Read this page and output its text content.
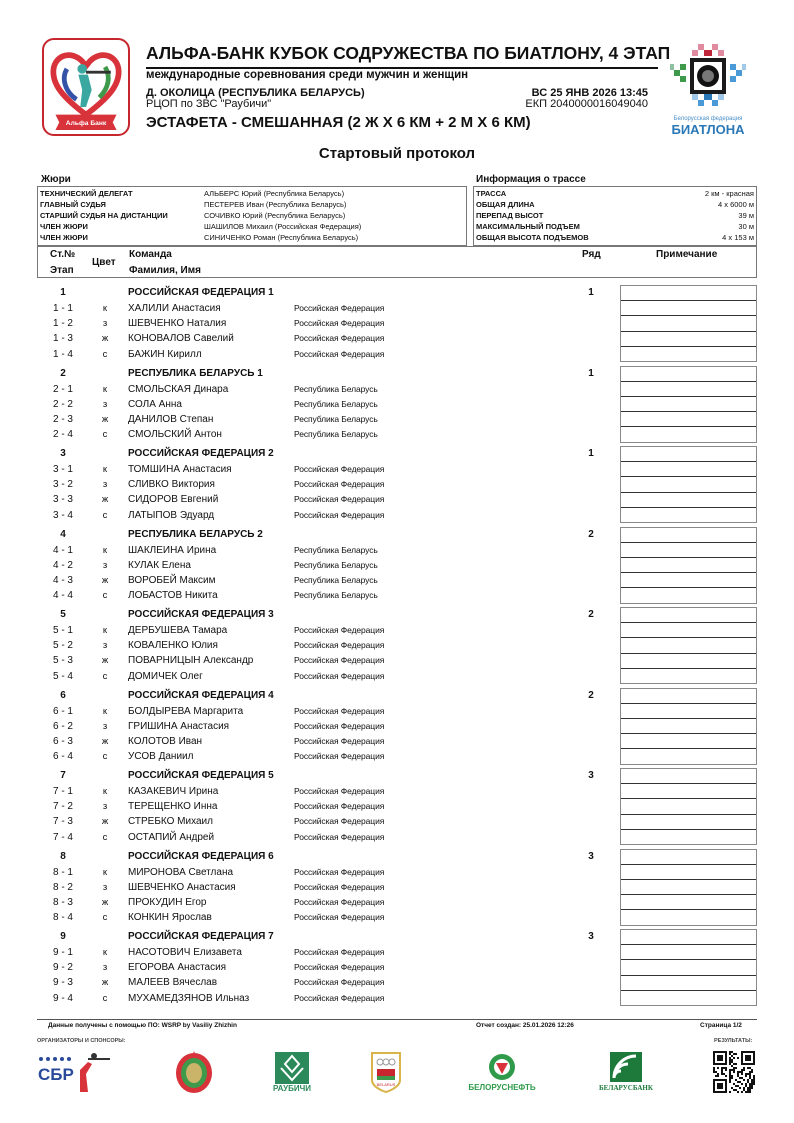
Альфа Банк
АЛЬФА-БАНК КУБОК СОДРУЖЕСТВА ПО БИАТЛОНУ, 4 ЭТАП
международные соревнования среди мужчин и женщин
Д. ОКОЛИЦА (РЕСПУБЛИКА БЕЛАРУСЬ)
РЦОП по ЗВС "Раубичи"
ВС 25 ЯНВ 2026 13:45
ЕКП 2040000016049040
ЭСТАФЕТА - СМЕШАННАЯ (2 Ж X 6 КМ + 2 М X 6 КМ)	Белорусская федерация
БИАТЛОНА
Стартовый протокол
Жюри
ТЕХНИЧЕСКИЙ ДЕЛЕГАТ	АЛЬБЕРС Юрий (Республика Беларусь)
ГЛАВНЫЙ СУДЬЯ	ПЕСТЕРЕВ Иван (Республика Беларусь)
СТАРШИЙ СУДЬЯ НА ДИСТАНЦИИ	СОЧИВКО Юрий (Республика Беларусь)
ЧЛЕН ЖЮРИ	ШАШИЛОВ Михаил (Российская Федерация)
ЧЛЕН ЖЮРИ	СИНИЧЕНКО Роман (Республика Беларусь)
Информация о трассе
ТРАССА	2 км - красная
ОБЩАЯ ДЛИНА	4 x 6000 м
ПЕРЕПАД ВЫСОТ	39 м
МАКСИМАЛЬНЫЙ ПОДЪЕМ	30 м
ОБЩАЯ ВЫСОТА ПОДЪЕМОВ	4 x 153 м
Ст.№
Этап
Цвет
Команда
Фамилия, Имя
Ряд	Примечание
1	РОССИЙСКАЯ ФЕДЕРАЦИЯ 1	1
1 - 1	к	ХАЛИЛИ Анастасия	Российская Федерация
1 - 2	з	ШЕВЧЕНКО Наталия	Российская Федерация
1 - 3	ж	КОНОВАЛОВ Савелий	Российская Федерация
1 - 4	с	БАЖИН Кирилл	Российская Федерация
2	РЕСПУБЛИКА БЕЛАРУСЬ 1	1
2 - 1	к	СМОЛЬСКАЯ Динара	Республика Беларусь
2 - 2	з	СОЛА Анна	Республика Беларусь
2 - 3	ж	ДАНИЛОВ Степан	Республика Беларусь
2 - 4	с	СМОЛЬСКИЙ Антон	Республика Беларусь
3	РОССИЙСКАЯ ФЕДЕРАЦИЯ 2	1
3 - 1	к	ТОМШИНА Анастасия	Российская Федерация
3 - 2	з	СЛИВКО Виктория	Российская Федерация
3 - 3	ж	СИДОРОВ Евгений	Российская Федерация
3 - 4	с	ЛАТЫПОВ Эдуард	Российская Федерация
4	РЕСПУБЛИКА БЕЛАРУСЬ 2	2
4 - 1	к	ШАКЛЕИНА Ирина	Республика Беларусь
4 - 2	з	КУЛАК Елена	Республика Беларусь
4 - 3	ж	ВОРОБЕЙ Максим	Республика Беларусь
4 - 4	с	ЛОБАСТОВ Никита	Республика Беларусь
5	РОССИЙСКАЯ ФЕДЕРАЦИЯ 3	2
5 - 1	к	ДЕРБУШЕВА Тамара	Российская Федерация
5 - 2	з	КОВАЛЕНКО Юлия	Российская Федерация
5 - 3	ж	ПОВАРНИЦЫН Александр	Российская Федерация
5 - 4	с	ДОМИЧЕК Олег	Российская Федерация
6	РОССИЙСКАЯ ФЕДЕРАЦИЯ 4	2
6 - 1	к	БОЛДЫРЕВА Маргарита	Российская Федерация
6 - 2	з	ГРИШИНА Анастасия	Российская Федерация
6 - 3	ж	КОЛОТОВ Иван	Российская Федерация
6 - 4	с	УСОВ Даниил	Российская Федерация
7	РОССИЙСКАЯ ФЕДЕРАЦИЯ 5	3
7 - 1	к	КАЗАКЕВИЧ Ирина	Российская Федерация
7 - 2	з	ТЕРЕЩЕНКО Инна	Российская Федерация
7 - 3	ж	СТРЕБКО Михаил	Российская Федерация
7 - 4	с	ОСТАПИЙ Андрей	Российская Федерация
8	РОССИЙСКАЯ ФЕДЕРАЦИЯ 6	3
8 - 1	к	МИРОНОВА Светлана	Российская Федерация
8 - 2	з	ШЕВЧЕНКО Анастасия	Российская Федерация
8 - 3	ж	ПРОКУДИН Егор	Российская Федерация
8 - 4	с	КОНКИН Ярослав	Российская Федерация
9	РОССИЙСКАЯ ФЕДЕРАЦИЯ 7	3
9 - 1	к	НАСОТОВИЧ Елизавета	Российская Федерация
9 - 2	з	ЕГОРОВА Анастасия	Российская Федерация
9 - 3	ж	МАЛЕЕВ Вячеслав	Российская Федерация
9 - 4	с	МУХАМЕДЗЯНОВ Ильназ	Российская Федерация
Данные получены с помощью ПО: WSRP by Vasiliy Zhizhin	Отчет создан: 25.01.2026 12:26	Страница 1/2
ОРГАНИЗАТОРЫ И СПОНСОРЫ:	РЕЗУЛЬТАТЫ:
СБР
РАУБИЧИ	BELARUS	БЕЛОРУСНЕФТЬ	БЕЛАРУСБАНК
